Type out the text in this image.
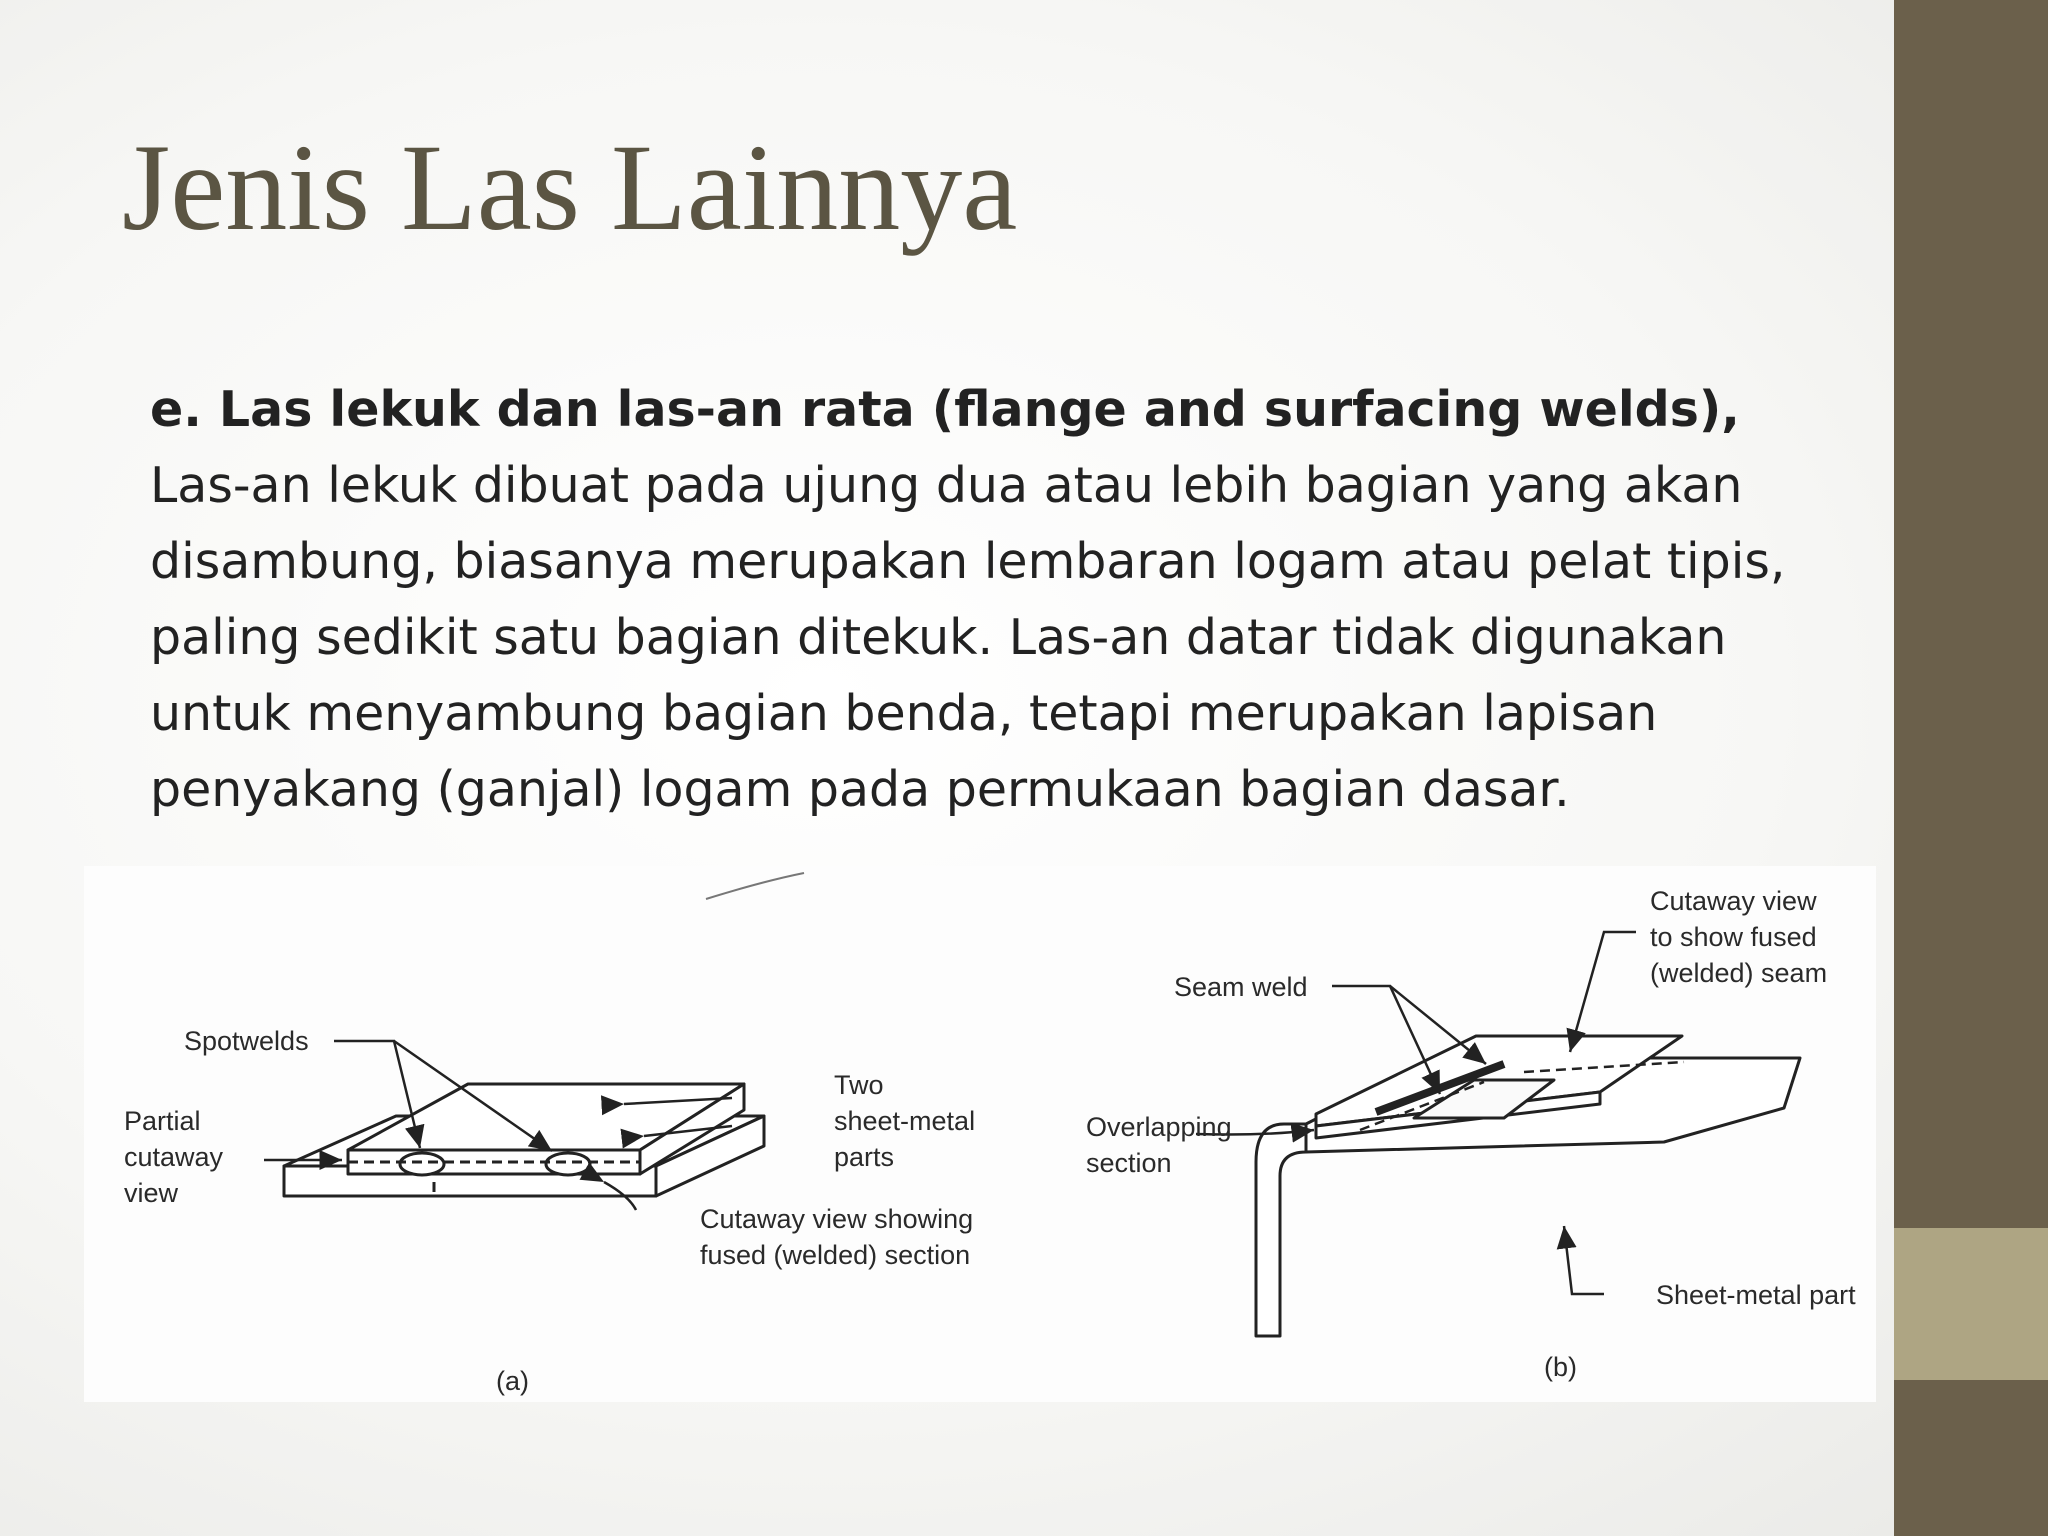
Jenis Las Lainnya

e. Las lekuk dan las-an rata (flange and surfacing welds), Las-an lekuk dibuat pada ujung dua atau lebih bagian yang akan disambung, biasanya merupakan lembaran logam atau pelat tipis, paling sedikit satu bagian ditekuk. Las-an datar tidak digunakan untuk menyambung bagian benda, tetapi merupakan lapisan penyakang (ganjal) logam pada permukaan bagian dasar.

Spotwelds
Partial
cutaway
view
Two
sheet-metal
parts
Cutaway view showing
fused (welded) section
(a)
Seam weld
Cutaway view
to show fused
(welded) seam
Overlapping
section
Sheet-metal part
(b)
